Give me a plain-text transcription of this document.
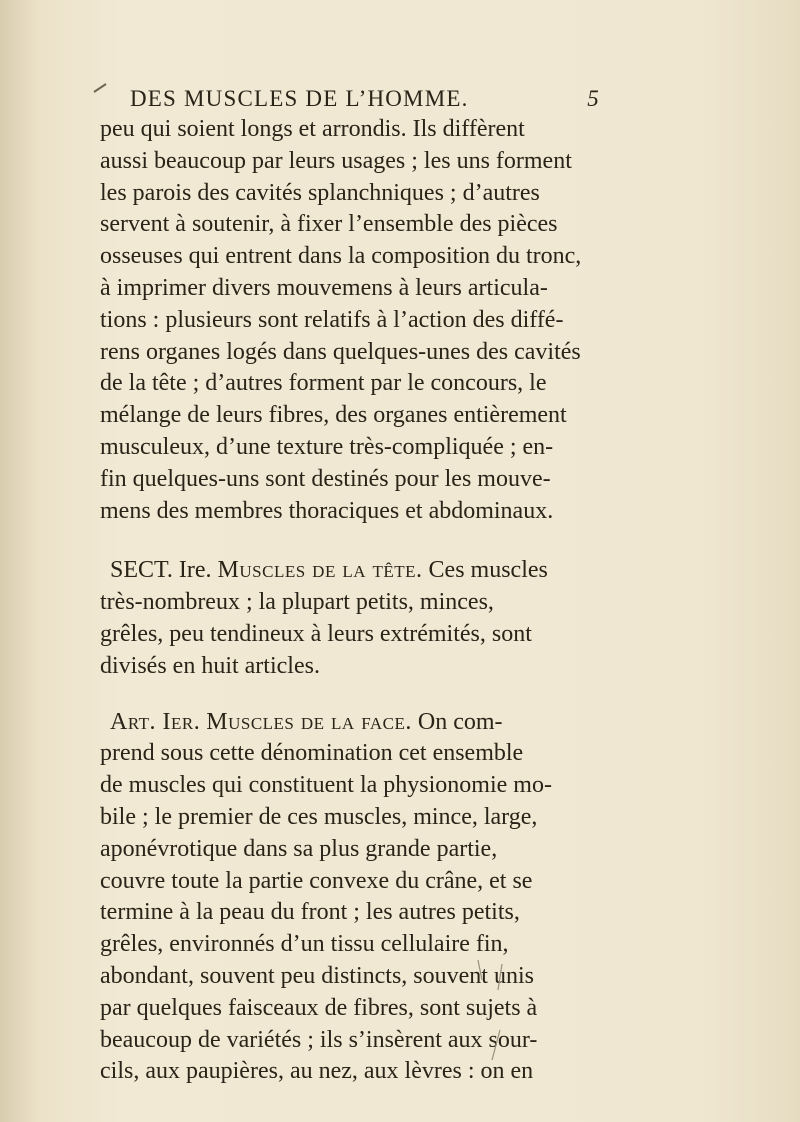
DES MUSCLES DE L’HOMME.	5
peu qui soient longs et arrondis. Ils diffèrent
aussi beaucoup par leurs usages ; les uns forment
les parois des cavités splanchniques ; d’autres
servent à soutenir, à fixer l’ensemble des pièces
osseuses qui entrent dans la composition du tronc,
à imprimer divers mouvemens à leurs articula-
tions : plusieurs sont relatifs à l’action des diffé-
rens organes logés dans quelques-unes des cavités
de la tête ; d’autres forment par le concours, le
mélange de leurs fibres, des organes entièrement
musculeux, d’une texture très-compliquée ; en-
fin quelques-uns sont destinés pour les mouve-
mens des membres thoraciques et abdominaux.
SECT. Ire. Muscles de la tête. Ces muscles
très-nombreux ; la plupart petits, minces,
grêles, peu tendineux à leurs extrémités, sont
divisés en huit articles.
Art. Ier. Muscles de la face. On com-
prend sous cette dénomination cet ensemble
de muscles qui constituent la physionomie mo-
bile ; le premier de ces muscles, mince, large,
aponévrotique dans sa plus grande partie,
couvre toute la partie convexe du crâne, et se
termine à la peau du front ; les autres petits,
grêles, environnés d’un tissu cellulaire fin,
abondant, souvent peu distincts, souvent unis
par quelques faisceaux de fibres, sont sujets à
beaucoup de variétés ; ils s’insèrent aux sour-
cils, aux paupières, au nez, aux lèvres : on en
